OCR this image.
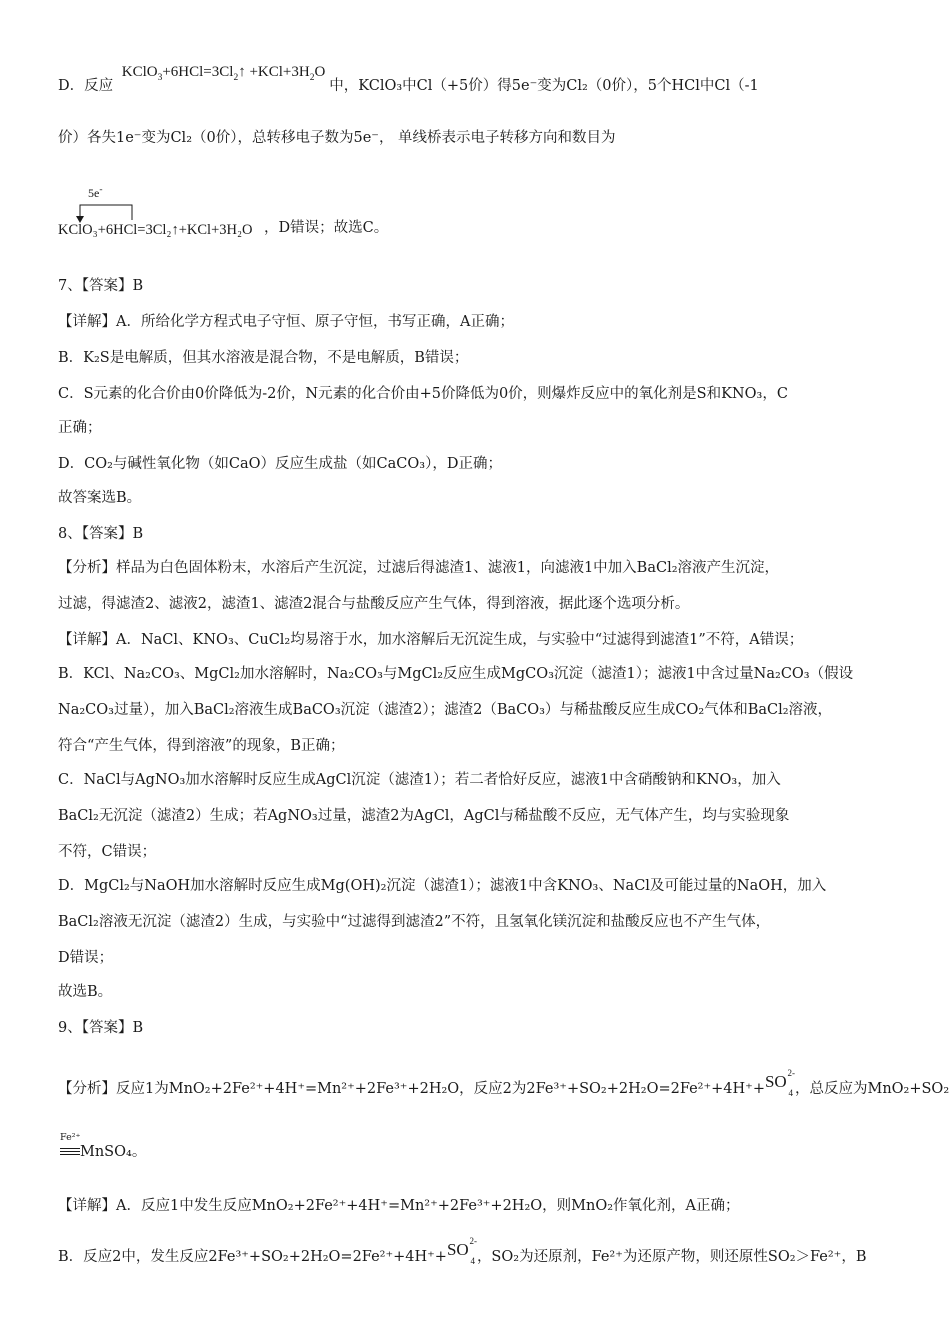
D．反应 $KClO_3+6HCl=3Cl_2↑ +KCl+3H_2O$中，KClO₃中Cl（+5价）得5e⁻变为Cl₂（0价），5个HCl中Cl（-1
价）各失1e⁻变为Cl₂（0价），总转移电子数为5e⁻， 单线桥表示电子转移方向和数目为
5e-
KClO₃+6HCl=3Cl₂↑+KCl+3H₂O ，D错误；故选C。
7、【答案】B
【详解】A．所给化学方程式电子守恒、原子守恒，书写正确，A正确；
B．K₂S是电解质，但其水溶液是混合物，不是电解质，B错误；
C．S元素的化合价由0价降低为-2价，N元素的化合价由+5价降低为0价，则爆炸反应中的氧化剂是S和KNO₃，C
正确；
D．CO₂与碱性氧化物（如CaO）反应生成盐（如CaCO₃），D正确；
故答案选B。
8、【答案】B
【分析】样品为白色固体粉末，水溶后产生沉淀，过滤后得滤渣1、滤液1，向滤液1中加入BaCl₂溶液产生沉淀，
过滤，得滤渣2、滤液2，滤渣1、滤渣2混合与盐酸反应产生气体，得到溶液，据此逐个选项分析。
【详解】A．NaCl、KNO₃、CuCl₂均易溶于水，加水溶解后无沉淀生成，与实验中“过滤得到滤渣1”不符，A错误；
B．KCl、Na₂CO₃、MgCl₂加水溶解时，Na₂CO₃与MgCl₂反应生成MgCO₃沉淀（滤渣1）；滤液1中含过量Na₂CO₃（假设
Na₂CO₃过量），加入BaCl₂溶液生成BaCO₃沉淀（滤渣2）；滤渣2（BaCO₃）与稀盐酸反应生成CO₂气体和BaCl₂溶液，
符合“产生气体，得到溶液”的现象，B正确；
C．NaCl与AgNO₃加水溶解时反应生成AgCl沉淀（滤渣1）；若二者恰好反应，滤液1中含硝酸钠和KNO₃，加入
BaCl₂无沉淀（滤渣2）生成；若AgNO₃过量，滤渣2为AgCl，AgCl与稀盐酸不反应，无气体产生，均与实验现象
不符，C错误；
D．MgCl₂与NaOH加水溶解时反应生成Mg(OH)₂沉淀（滤渣1）；滤液1中含KNO₃、NaCl及可能过量的NaOH，加入
BaCl₂溶液无沉淀（滤渣2）生成，与实验中“过滤得到滤渣2”不符，且氢氧化镁沉淀和盐酸反应也不产生气体，
D错误；
故选B。
9、【答案】B
【分析】反应1为MnO₂+2Fe²⁺+4H⁺=Mn²⁺+2Fe³⁺+2H₂O，反应2为2Fe³⁺+SO₂+2H₂O=2Fe²⁺+4H⁺+SO 2-
4 ，总反应为MnO₂+SO₂
Fe²⁺
MnSO₄。
【详解】A．反应1中发生反应MnO₂+2Fe²⁺+4H⁺=Mn²⁺+2Fe³⁺+2H₂O，则MnO₂作氧化剂，A正确；
B．反应2中，发生反应2Fe³⁺+SO₂+2H₂O=2Fe²⁺+4H⁺+SO 2-
4 ，SO₂为还原剂，Fe²⁺为还原产物，则还原性SO₂＞Fe²⁺，B
